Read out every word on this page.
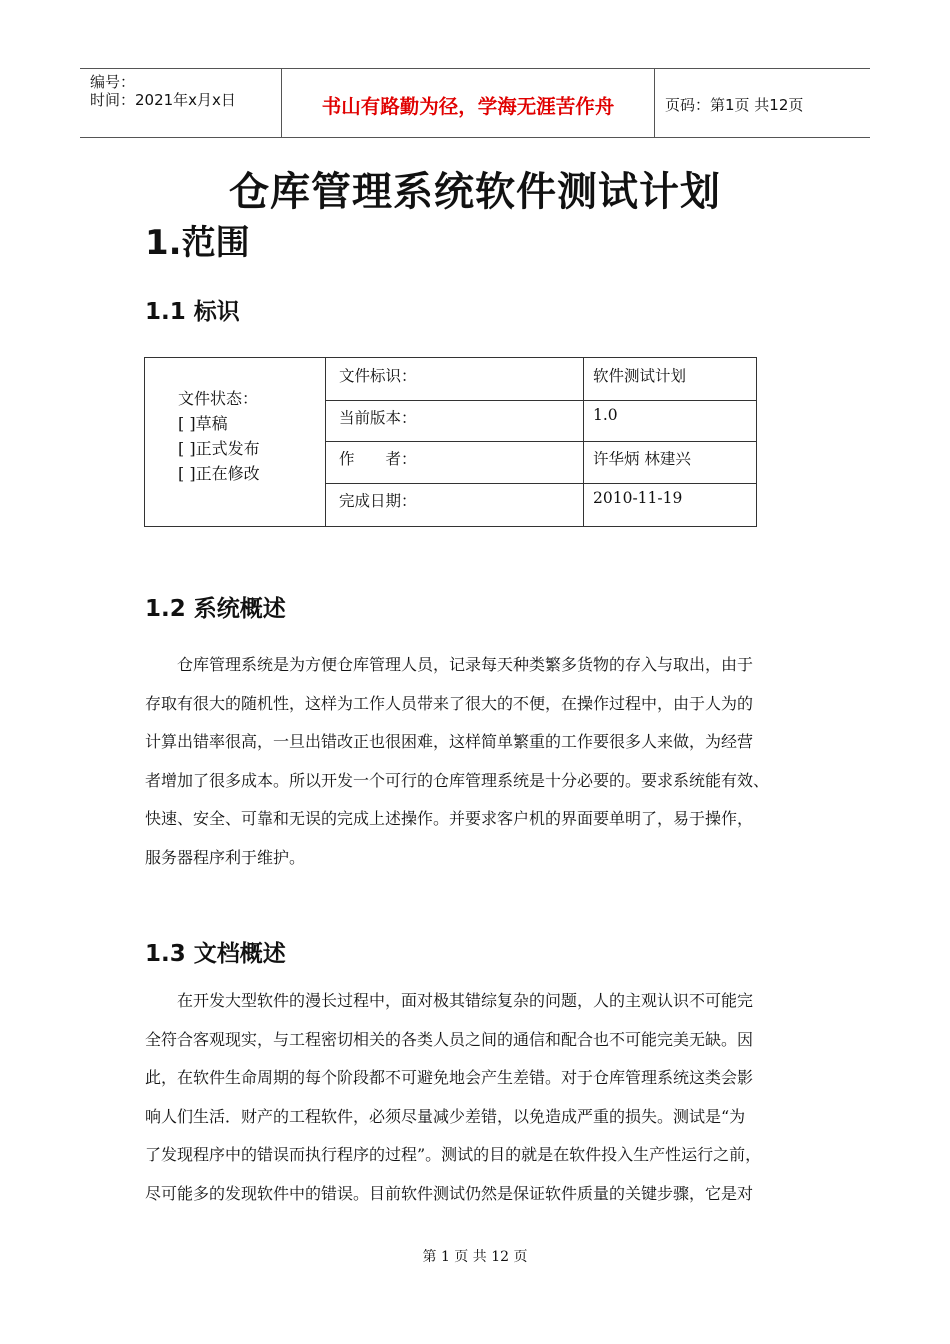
编号：
时间：2021年x月x日	书山有路勤为径，学海无涯苦作舟	页码：第1页 共12页
仓库管理系统软件测试计划
1.范围
1.1 标识
文件状态：
[ ]草稿
[ ]正式发布
[ ]正在修改
文件标识：	软件测试计划
当前版本：	1.0
作　　者：	许华炳 林建兴
完成日期：	2010-11-19
1.2 系统概述
　　仓库管理系统是为方便仓库管理人员，记录每天种类繁多货物的存入与取出，由于
存取有很大的随机性，这样为工作人员带来了很大的不便，在操作过程中，由于人为的
计算出错率很高，一旦出错改正也很困难，这样简单繁重的工作要很多人来做，为经营
者增加了很多成本。所以开发一个可行的仓库管理系统是十分必要的。要求系统能有效、
快速、安全、可靠和无误的完成上述操作。并要求客户机的界面要单明了，易于操作，
服务器程序利于维护。
1.3 文档概述
　　在开发大型软件的漫长过程中，面对极其错综复杂的问题，人的主观认识不可能完
全符合客观现实，与工程密切相关的各类人员之间的通信和配合也不可能完美无缺。因
此，在软件生命周期的每个阶段都不可避免地会产生差错。对于仓库管理系统这类会影
响人们生活．财产的工程软件，必须尽量减少差错，以免造成严重的损失。测试是“为
了发现程序中的错误而执行程序的过程”。测试的目的就是在软件投入生产性运行之前，
尽可能多的发现软件中的错误。目前软件测试仍然是保证软件质量的关键步骤，它是对
第 1 页 共 12 页
